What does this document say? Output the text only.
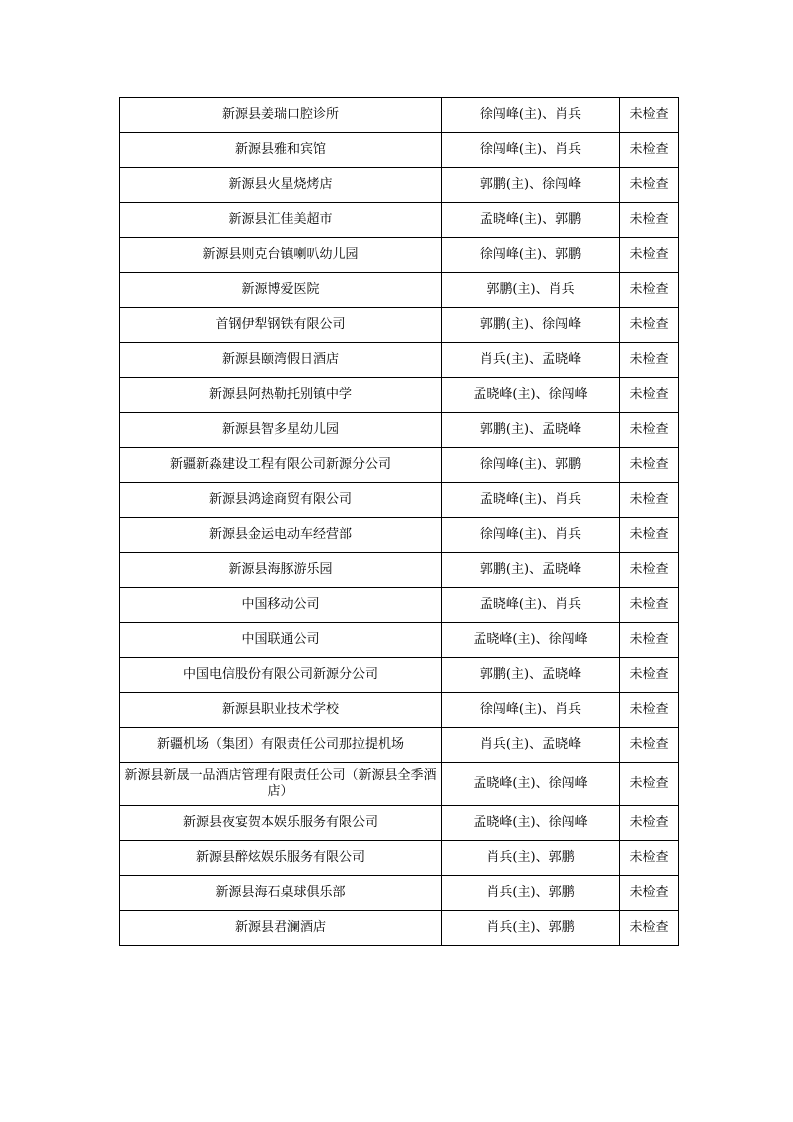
新源县姜瑞口腔诊所	徐闯峰(主)、肖兵	未检查
新源县雅和宾馆	徐闯峰(主)、肖兵	未检查
新源县火星烧烤店	郭鹏(主)、徐闯峰	未检查
新源县汇佳美超市	孟晓峰(主)、郭鹏	未检查
新源县则克台镇喇叭幼儿园	徐闯峰(主)、郭鹏	未检查
新源博爱医院	郭鹏(主)、肖兵	未检查
首钢伊犁钢铁有限公司	郭鹏(主)、徐闯峰	未检查
新源县颐湾假日酒店	肖兵(主)、孟晓峰	未检查
新源县阿热勒托别镇中学	孟晓峰(主)、徐闯峰	未检查
新源县智多星幼儿园	郭鹏(主)、孟晓峰	未检查
新疆新淼建设工程有限公司新源分公司	徐闯峰(主)、郭鹏	未检查
新源县鸿途商贸有限公司	孟晓峰(主)、肖兵	未检查
新源县金运电动车经营部	徐闯峰(主)、肖兵	未检查
新源县海豚游乐园	郭鹏(主)、孟晓峰	未检查
中国移动公司	孟晓峰(主)、肖兵	未检查
中国联通公司	孟晓峰(主)、徐闯峰	未检查
中国电信股份有限公司新源分公司	郭鹏(主)、孟晓峰	未检查
新源县职业技术学校	徐闯峰(主)、肖兵	未检查
新疆机场（集团）有限责任公司那拉提机场	肖兵(主)、孟晓峰	未检查
新源县新晟一品酒店管理有限责任公司（新源县全季酒店）	孟晓峰(主)、徐闯峰	未检查
新源县夜宴贺本娱乐服务有限公司	孟晓峰(主)、徐闯峰	未检查
新源县醉炫娱乐服务有限公司	肖兵(主)、郭鹏	未检查
新源县海石桌球俱乐部	肖兵(主)、郭鹏	未检查
新源县君澜酒店	肖兵(主)、郭鹏	未检查
